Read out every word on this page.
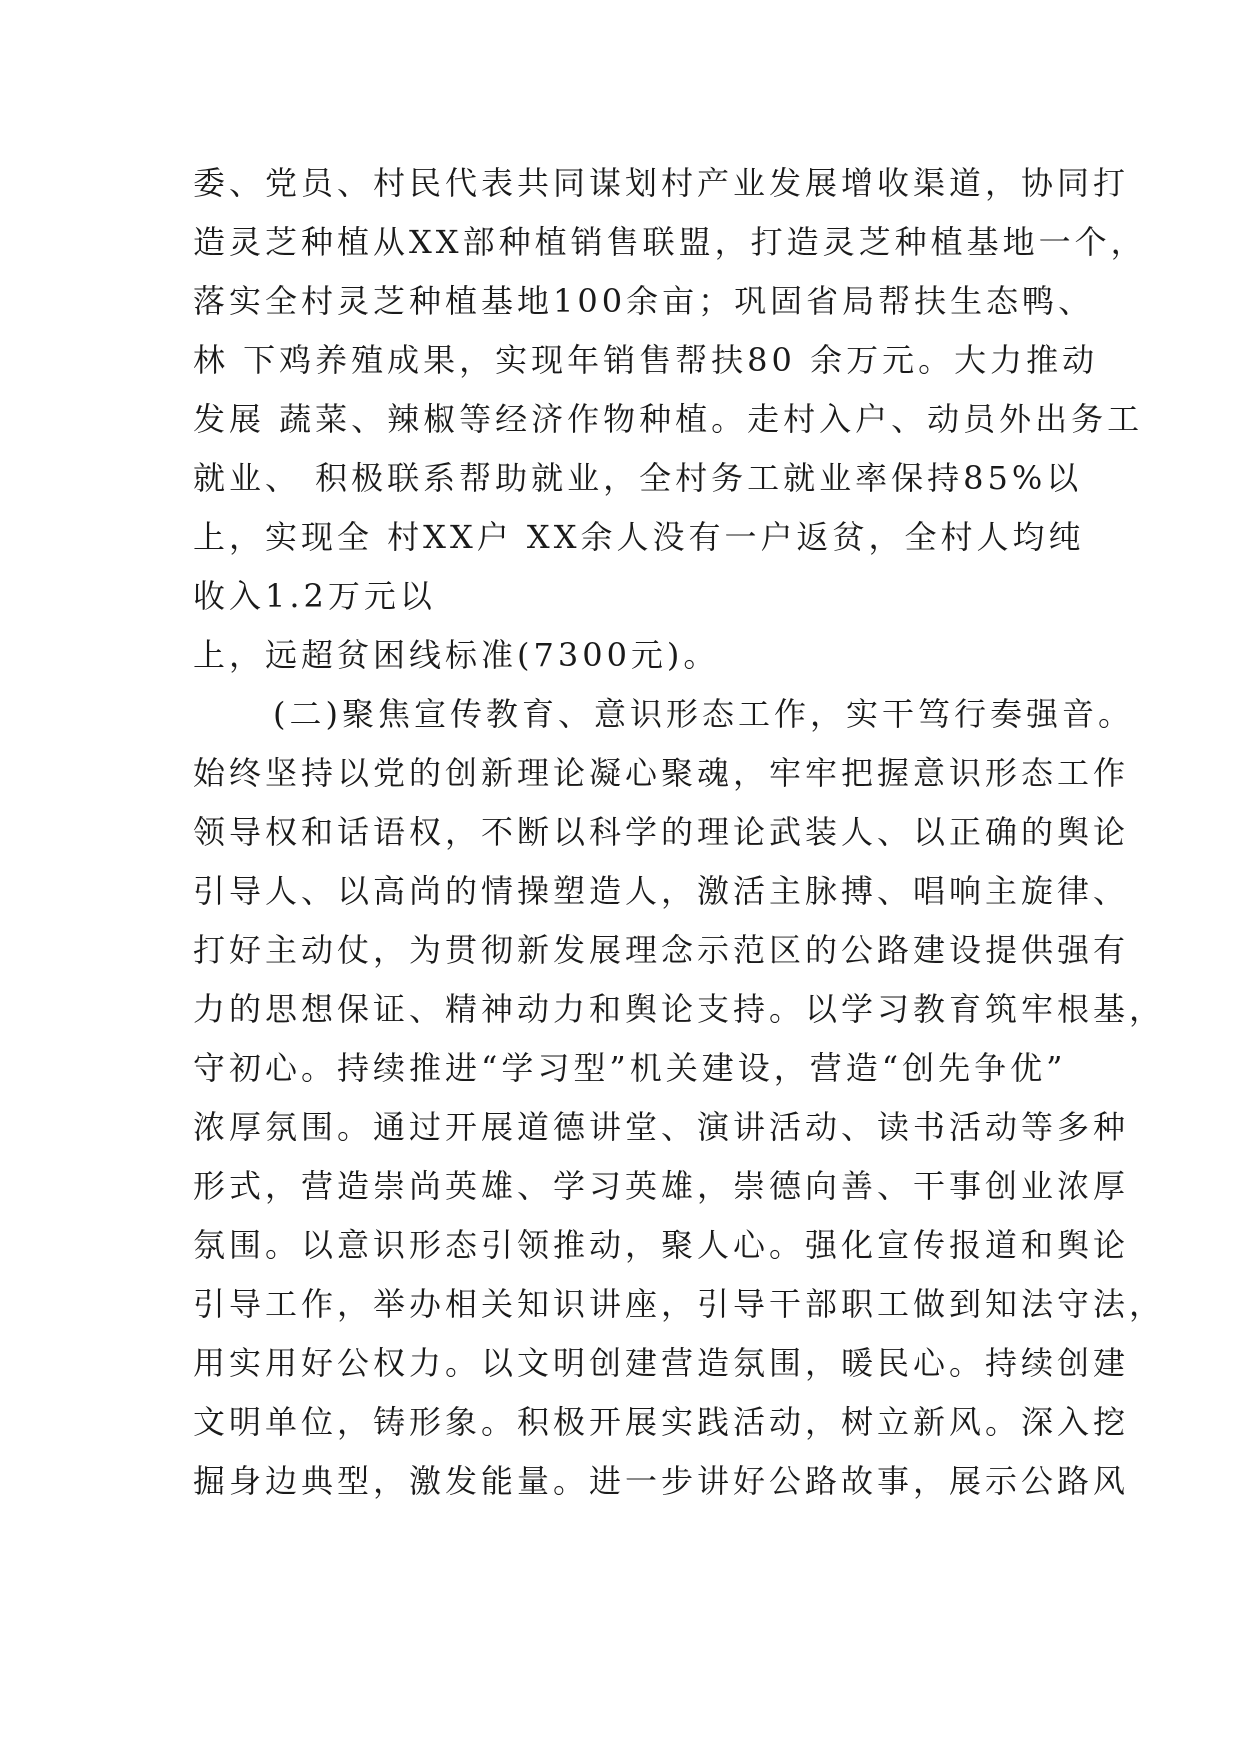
委、党员、村民代表共同谋划村产业发展增收渠道，协同打
造灵芝种植从XX部种植销售联盟，打造灵芝种植基地一个，
落实全村灵芝种植基地100余亩；巩固省局帮扶生态鸭、
林 下鸡养殖成果，实现年销售帮扶80 余万元。大力推动
发展 蔬菜、辣椒等经济作物种植。走村入户、动员外出务工
就业、 积极联系帮助就业，全村务工就业率保持85%以
上，实现全 村XX户 XX余人没有一户返贫，全村人均纯
收入1.2万元以
上，远超贫困线标准(7300元)。
(二)聚焦宣传教育、意识形态工作，实干笃行奏强音。
始终坚持以党的创新理论凝心聚魂，牢牢把握意识形态工作
领导权和话语权，不断以科学的理论武装人、以正确的舆论
引导人、以高尚的情操塑造人，激活主脉搏、唱响主旋律、
打好主动仗，为贯彻新发展理念示范区的公路建设提供强有
力的思想保证、精神动力和舆论支持。以学习教育筑牢根基，
守初心。持续推进“学习型”机关建设，营造“创先争优”
浓厚氛围。通过开展道德讲堂、演讲活动、读书活动等多种
形式，营造崇尚英雄、学习英雄，崇德向善、干事创业浓厚
氛围。以意识形态引领推动，聚人心。强化宣传报道和舆论
引导工作，举办相关知识讲座，引导干部职工做到知法守法，
用实用好公权力。以文明创建营造氛围，暖民心。持续创建
文明单位，铸形象。积极开展实践活动，树立新风。深入挖
掘身边典型，激发能量。进一步讲好公路故事，展示公路风
